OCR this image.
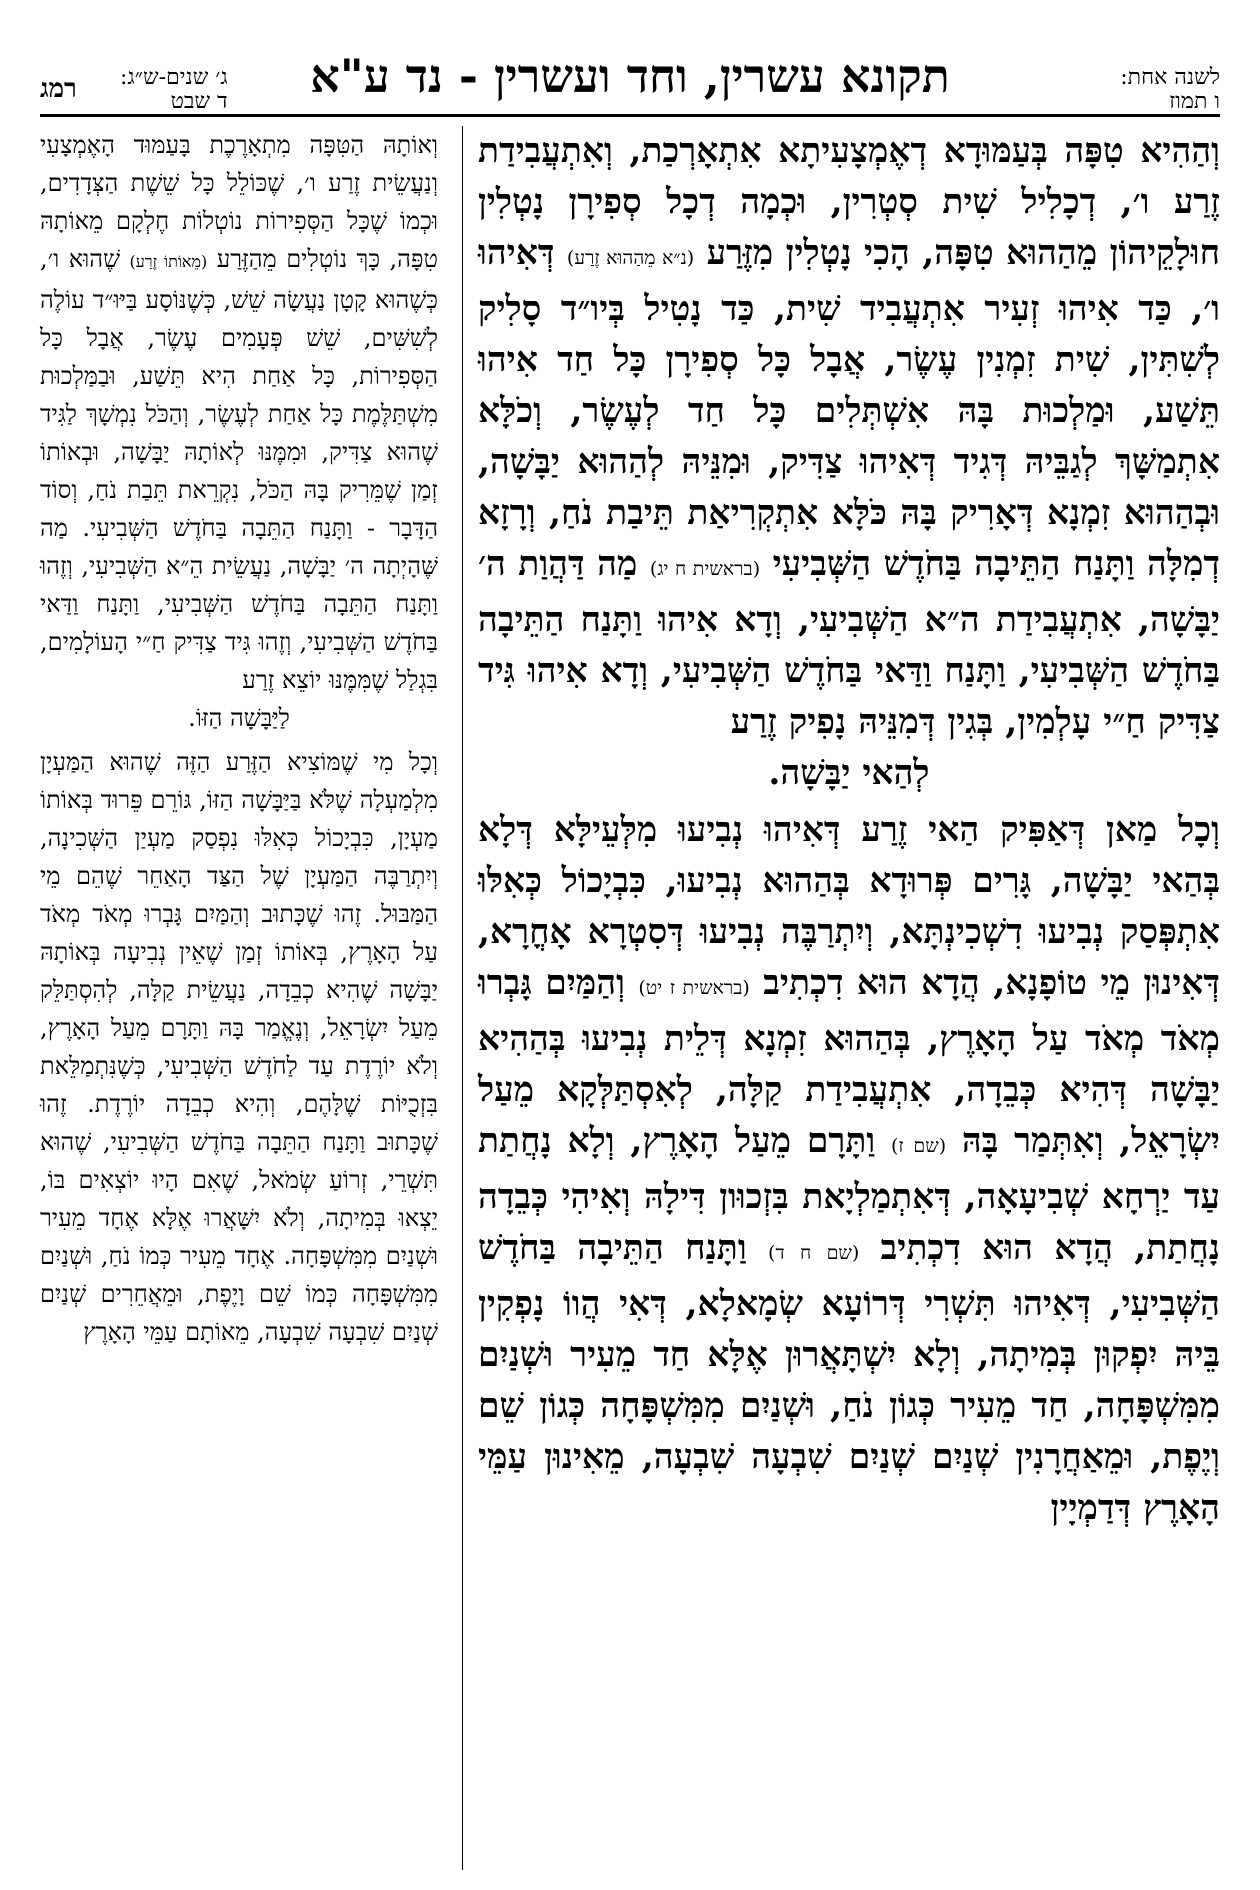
לשנה אחת:
ו תמוז
תקונא עשרין, וחד ועשרין - נד ע"א
ג׳ שנים-ש״ג:
ד שבט
רמג
וְהַהִיא טִפָּה בְּעַמּוּדָא דְאֶמְצָעִיתָא אִתְאָרְכַת, וְאִתְעֲבִידַת זֶרַע ו׳, דְכָלִיל שִׁית סְטְרִין, וּכְמָה דְכָל סְפִירָן נָטְלִין חוּלָקֵיהוֹן מֵהַהוּא טִפָּה, הָכִי נָטְלִין מִזֶּרַע (נ״א מֵהַהוּא זֶרַע) דְּאִיהוּ ו׳, כַּד אִיהוּ זְעִיר אִתְעֲבִיד שִׁית, כַּד נָטִיל בְּיו״ד סָלִיק לְשִׁתִּין, שִׁית זִמְנִין עֶשֶׂר, אֲבָל כָּל סְפִירָן כָּל חַד אִיהוּ תֵּשַׁע, וּמַלְכוּת בָּהּ אִשְׁתְּלִים כָּל חַד לְעֶשֶׂר, וְכֹלָּא אִתְמַשָּׁךְ לְגַבֵּיהּ דְּגִיד דְּאִיהוּ צַדִּיק, וּמִנֵּיהּ לְהַהוּא יַבָּשָׁה, וּבְהַהוּא זִמְנָא דְּאָרִיק בָּהּ כֹּלָּא אִתְקְרִיאַת תֵּיבַת נֹחַ, וְרָזָא דְמִלָּה וַתָּנַח הַתֵּיבָה בַּחֹדֶשׁ הַשְּׁבִיעִי (בראשית ח יג) מַה דַּהֲוַת ה׳ יַבָּשָׁה, אִתְעֲבִידַת ה״א הַשְּׁבִיעִי, וְדָא אִיהוּ וַתָּנַח הַתֵּיבָה בַּחֹדֶשׁ הַשְּׁבִיעִי, וַתָּנַח וַדַּאי בַּחֹדֶשׁ הַשְּׁבִיעִי, וְדָא אִיהוּ גִּיד צַדִּיק חַ״י עָלְמִין, בְּגִין דְּמִנֵּיהּ נָפִיק זֶרַע

לְהַאי יַבָּשָׁה.

וְכָל מַאן דְּאַפִּיק הַאי זֶרַע דְּאִיהוּ נְבִיעוּ מִלְּעֵילָּא דְּלָא בְּהַאי יַבָּשָׁה, גָּרִים פְּרוּדָא בְּהַהוּא נְבִיעוּ, כִּבְיָכוֹל כְּאִלּוּ אִתְפְּסַק נְבִיעוּ דִשְׁכִינְתָּא, וְיִתְרַבֶּה נְבִיעוּ דְּסִטְרָא אָחֳרָא, דְּאִינוּן מֵי טוֹפָנָא, הֲדָא הוּא דִכְתִיב (בראשית ז יט) וְהַמַּיִם גָּבְרוּ מְאֹד מְאֹד עַל הָאָרֶץ, בְּהַהוּא זִמְנָא דְּלֵית נְבִיעוּ בְּהַהִיא יַבָּשָׁה דְּהִיא כְּבֵדָה, אִתְעֲבִידַת קַלָּה, לְאִסְתַּלְּקָא מֵעַל יִשְׂרָאֵל, וְאִתְּמַר בָּהּ (שם ז) וַתָּרָם מֵעַל הָאָרֶץ, וְלָא נָחֲתַת עַד יַרְחָא שְׁבִיעָאָה, דְּאִתְמַלְיָאת בִּזְכוּון דִּילָהּ וְאִיהִי כְּבֵדָה נָחֲתַת, הֲדָא הוּא דִכְתִיב (שם ח ד) וַתָּנַח הַתֵּיבָה בַּחֹדֶשׁ הַשְּׁבִיעִי, דְּאִיהוּ תִּשְׁרִי דְּרוֹעָא שְׂמָאלָא, דְּאִי הֲווֹ נָפְקִין בֵּיהּ יִפְקוּן בְּמִיתָה, וְלָא יִשְׁתָּאֲרוּן אֶלָּא חַד מֵעִיר וּשְׁנַיִם מִמִּשְׁפָּחָה, חַד מֵעִיר כְּגוֹן נֹחַ, וּשְׁנַיִם מִמִּשְׁפָּחָה כְּגוֹן שֵׁם וְיֶפֶת, וּמֵאַחֲרָנִין שְׁנַיִם שְׁנַיִם שִׁבְעָה שִׁבְעָה, מֵאִינוּן עַמֵּי הָאָרֶץ דְּדַמְיָין
וְאוֹתָהּ הַטִּפָּה מִתְאָרֶכֶת בָּעַמּוּד הָאֶמְצָעִי וְנַעֲשֵׂית זֶרַע ו׳, שֶׁכּוֹלֵל כָּל שֵׁשֶׁת הַצְּדָדִים, וּכְמוֹ שֶׁכָּל הַסְּפִירוֹת נוֹטְלוֹת חֶלְקָם מֵאוֹתָהּ טִפָּה, כָּךְ נוֹטְלִים מֵהַזֶּרַע (מֵאוֹתוֹ זֶרַע) שֶׁהוּא ו׳, כְּשֶׁהוּא קָטָן נַעֲשָׂה שֵׁשׁ, כְּשֶׁנּוֹסָע בַּיּוּ״ד עוֹלֶה לְשִׁשִּׁים, שֵׁשׁ פְּעָמִים עֶשֶׂר, אֲבָל כָּל הַסְּפִירוֹת, כָּל אַחַת הִיא תֵּשַׁע, וּבַמַּלְכוּת מִשְׁתַּלֶּמֶת כָּל אַחַת לְעֶשֶׂר, וְהַכֹּל נִמְשָׁךְ לַגִּיד שֶׁהוּא צַדִּיק, וּמִמֶּנּוּ לְאוֹתָהּ יַבָּשָׁה, וּבְאוֹתוֹ זְמַן שֶׁמֵּרִיק בָּהּ הַכֹּל, נִקְרֵאת תֵּבַת נֹחַ, וְסוֹד הַדָּבָר - וַתָּנַח הַתֵּבָה בַּחֹדֶשׁ הַשְּׁבִיעִי. מַה שֶּׁהָיְתָה ה׳ יַבָּשָׁה, נַעֲשֵׂית הֵ״א הַשְּׁבִיעִי, וְזֶהוּ וַתָּנַח הַתֵּבָה בַּחֹדֶשׁ הַשְּׁבִיעִי, וַתָּנַח וַדַּאי בַּחֹדֶשׁ הַשְּׁבִיעִי, וְזֶהוּ גִּיד צַדִּיק חַ״י הָעוֹלָמִים, בִּגְלַל שֶׁמִּמֶּנּוּ יוֹצֵא זֶרַע

לַיַּבָּשָׁה הַזּוֹ.

וְכָל מִי שֶׁמּוֹצִיא הַזֶּרַע הַזֶּה שֶׁהוּא הַמַּעְיָן מִלְמַעְלָה שֶׁלֹּא בַּיַּבָּשָׁה הַזּוֹ, גּוֹרֵם פֵּרוּד בְּאוֹתוֹ מַעְיָן, כִּבְיָכוֹל כְּאִלּוּ נִפְסַק מַעְיַן הַשְּׁכִינָה, וְיִתְרַבֶּה הַמַּעְיָן שֶׁל הַצַּד הָאַחֵר שֶׁהֵם מֵי הַמַּבּוּל. זֶהוּ שֶׁכָּתוּב וְהַמַּיִם גָּבְרוּ מְאֹד מְאֹד עַל הָאָרֶץ, בְּאוֹתוֹ זְמַן שֶׁאֵין נְבִיעָה בְּאוֹתָהּ יַבָּשָׁה שֶׁהִיא כְבֵדָה, נַעֲשֵׂית קַלָּה, לְהִסְתַּלֵּק מֵעַל יִשְׂרָאֵל, וְנֶאֱמַר בָּהּ וַתָּרָם מֵעַל הָאָרֶץ, וְלֹא יוֹרֶדֶת עַד לַחֹדֶשׁ הַשְּׁבִיעִי, כְּשֶׁנִּתְמַלֵּאת בִּזְכֻיּוֹת שֶׁלָּהֶם, וְהִיא כְבֵדָה יוֹרֶדֶת. זֶהוּ שֶׁכָּתוּב וַתָּנַח הַתֵּבָה בַּחֹדֶשׁ הַשְּׁבִיעִי, שֶׁהוּא תִּשְׁרֵי, זְרוֹעַ שְׂמֹאל, שֶׁאִם הָיוּ יוֹצְאִים בּוֹ, יֵצְאוּ בְּמִיתָה, וְלֹא יִשָּׁאֲרוּ אֶלָּא אֶחָד מֵעִיר וּשְׁנַיִם מִמִּשְׁפָּחָה. אֶחָד מֵעִיר כְּמוֹ נֹחַ, וּשְׁנַיִם מִמִּשְׁפָּחָה כְּמוֹ שֵׁם וָיֶפֶת, וּמֵאֲחֵרִים שְׁנַיִם שְׁנַיִם שִׁבְעָה שִׁבְעָה, מֵאוֹתָם עַמֵּי הָאָרֶץ
